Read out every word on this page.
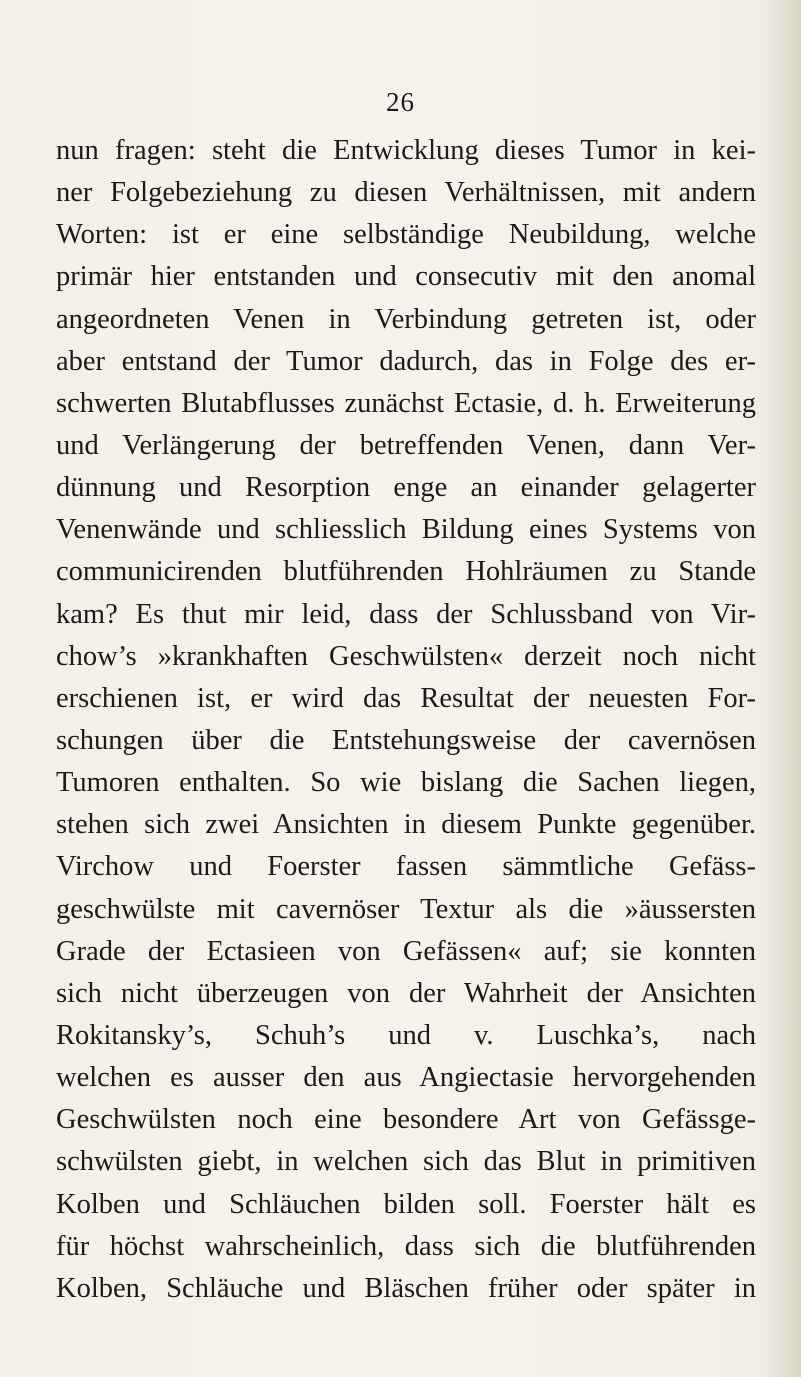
26
nun fragen: steht die Entwicklung dieses Tumor in kei-
ner Folgebeziehung zu diesen Verhältnissen, mit andern
Worten: ist er eine selbständige Neubildung, welche
primär hier entstanden und consecutiv mit den anomal
angeordneten Venen in Verbindung getreten ist, oder
aber entstand der Tumor dadurch, das in Folge des er-
schwerten Blutabflusses zunächst Ectasie, d. h. Erweiterung
und Verlängerung der betreffenden Venen, dann Ver-
dünnung und Resorption enge an einander gelagerter
Venenwände und schliesslich Bildung eines Systems von
communicirenden blutführenden Hohlräumen zu Stande
kam? Es thut mir leid, dass der Schlussband von Vir-
chow’s »krankhaften Geschwülsten« derzeit noch nicht
erschienen ist, er wird das Resultat der neuesten For-
schungen über die Entstehungsweise der cavernösen
Tumoren enthalten. So wie bislang die Sachen liegen,
stehen sich zwei Ansichten in diesem Punkte gegenüber.
Virchow und Foerster fassen sämmtliche Gefäss-
geschwülste mit cavernöser Textur als die »äussersten
Grade der Ectasieen von Gefässen« auf; sie konnten
sich nicht überzeugen von der Wahrheit der Ansichten
Rokitansky’s, Schuh’s und v. Luschka’s, nach
welchen es ausser den aus Angiectasie hervorgehenden
Geschwülsten noch eine besondere Art von Gefässge-
schwülsten giebt, in welchen sich das Blut in primitiven
Kolben und Schläuchen bilden soll. Foerster hält es
für höchst wahrscheinlich, dass sich die blutführenden
Kolben, Schläuche und Bläschen früher oder später in
